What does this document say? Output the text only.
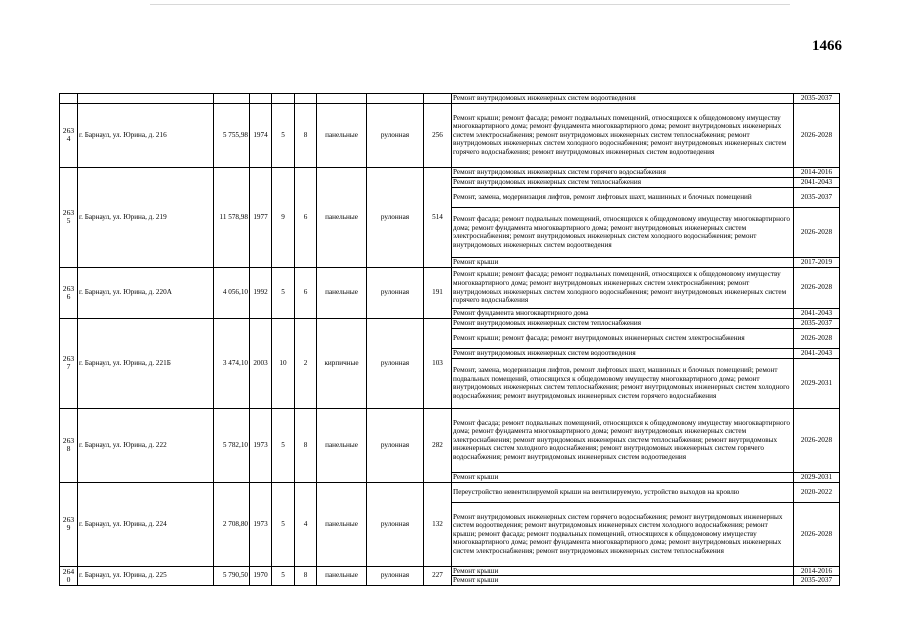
1466
									Ремонт внутридомовых инженерных систем водоотведения	2035-2037
263
4	г. Барнаул, ул. Юрина, д. 216	5 755,98	1974	5	8	панельные	рулонная	256	Ремонт крыши; ремонт фасада; ремонт подвальных помещений, относящихся к общедомовому имуществу многоквартирного дома; ремонт фундамента многоквартирного дома; ремонт внутридомовых инженерных систем электроснабжения; ремонт внутридомовых инженерных систем теплоснабжения; ремонт внутридомовых инженерных систем холодного водоснабжения; ремонт внутридомовых инженерных систем горячего водоснабжения; ремонт внутридомовых инженерных систем водоотведения	2026-2028
263
5	г. Барнаул, ул. Юрина, д. 219	11 578,98	1977	9	6	панельные	рулонная	514	Ремонт внутридомовых инженерных систем горячего водоснабжения	2014-2016
									Ремонт внутридомовых инженерных систем теплоснабжения	2041-2043
									Ремонт, замена, модернизация лифтов, ремонт лифтовых шахт, машинных и блочных помещений	2035-2037
									Ремонт фасада; ремонт подвальных помещений, относящихся к общедомовому имуществу многоквартирного дома; ремонт фундамента многоквартирного дома; ремонт внутридомовых инженерных систем электроснабжения; ремонт внутридомовых инженерных систем холодного водоснабжения; ремонт внутридомовых инженерных систем водоотведения	2026-2028
									Ремонт крыши	2017-2019
263
6	г. Барнаул, ул. Юрина, д. 220А	4 056,10	1992	5	6	панельные	рулонная	191	Ремонт крыши; ремонт фасада; ремонт подвальных помещений, относящихся к общедомовому имуществу многоквартирного дома; ремонт внутридомовых инженерных систем электроснабжения; ремонт внутридомовых инженерных систем холодного водоснабжения; ремонт внутридомовых инженерных систем горячего водоснабжения	2026-2028
									Ремонт фундамента многоквартирного дома	2041-2043
263
7	г. Барнаул, ул. Юрина, д. 221Б	3 474,10	2003	10	2	кирпичные	рулонная	103	Ремонт внутридомовых инженерных систем теплоснабжения	2035-2037
									Ремонт крыши; ремонт фасада; ремонт внутридомовых инженерных систем электроснабжения	2026-2028
									Ремонт внутридомовых инженерных систем водоотведения	2041-2043
									Ремонт, замена, модернизация лифтов, ремонт лифтовых шахт, машинных и блочных помещений; ремонт подвальных помещений, относящихся к общедомовому имуществу многоквартирного дома; ремонт внутридомовых инженерных систем теплоснабжения; ремонт внутридомовых инженерных систем холодного водоснабжения; ремонт внутридомовых инженерных систем горячего водоснабжения	2029-2031
263
8	г. Барнаул, ул. Юрина, д. 222	5 782,10	1973	5	8	панельные	рулонная	282	Ремонт фасада; ремонт подвальных помещений, относящихся к общедомовому имуществу многоквартирного дома; ремонт фундамента многоквартирного дома; ремонт внутридомовых инженерных систем электроснабжения; ремонт внутридомовых инженерных систем теплоснабжения; ремонт внутридомовых инженерных систем холодного водоснабжения; ремонт внутридомовых инженерных систем горячего водоснабжения; ремонт внутридомовых инженерных систем водоотведения	2026-2028
									Ремонт крыши	2029-2031
263
9	г. Барнаул, ул. Юрина, д. 224	2 708,80	1973	5	4	панельные	рулонная	132	Переустройство невентилируемой крыши на вентилируемую, устройство выходов на кровлю	2020-2022
									Ремонт внутридомовых инженерных систем горячего водоснабжения; ремонт внутридомовых инженерных систем водоотведения; ремонт внутридомовых инженерных систем холодного водоснабжения; ремонт крыши; ремонт фасада; ремонт подвальных помещений, относящихся к общедомовому имуществу многоквартирного дома; ремонт фундамента многоквартирного дома; ремонт внутридомовых инженерных систем электроснабжения; ремонт внутридомовых инженерных систем теплоснабжения	2026-2028
264
0	г. Барнаул, ул. Юрина, д. 225	5 790,50	1970	5	8	панельные	рулонная	227	Ремонт крыши	2014-2016
									Ремонт крыши	2035-2037
